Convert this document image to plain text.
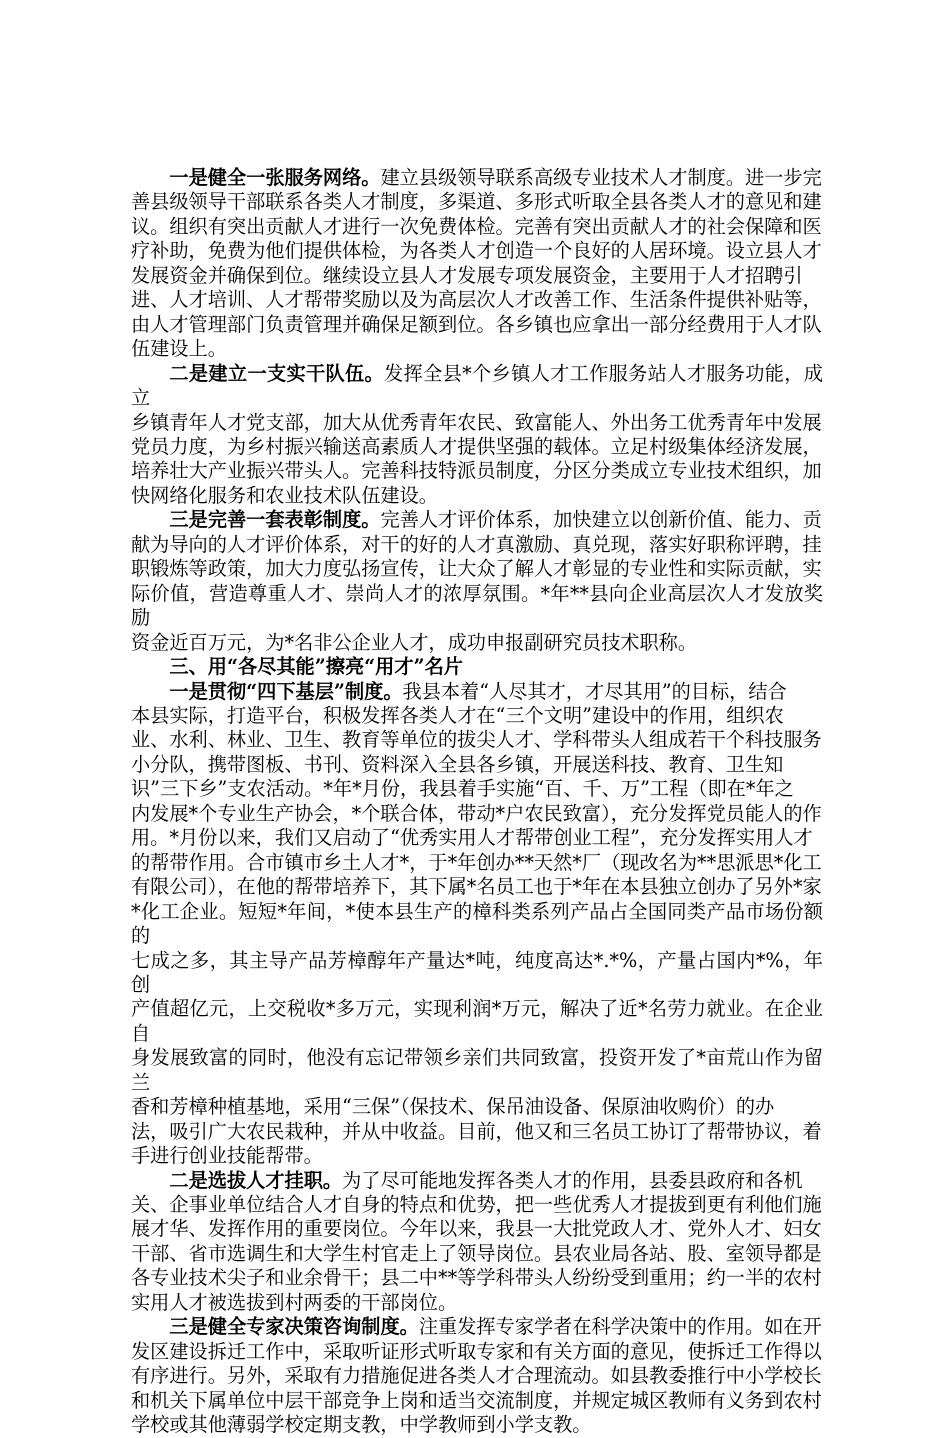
一是健全一张服务网络。建立县级领导联系高级专业技术人才制度。进一步完
善县级领导干部联系各类人才制度，多渠道、多形式听取全县各类人才的意见和建
议。组织有突出贡献人才进行一次免费体检。完善有突出贡献人才的社会保障和医
疗补助，免费为他们提供体检，为各类人才创造一个良好的人居环境。设立县人才
发展资金并确保到位。继续设立县人才发展专项发展资金，主要用于人才招聘引
进、人才培训、人才帮带奖励以及为高层次人才改善工作、生活条件提供补贴等，
由人才管理部门负责管理并确保足额到位。各乡镇也应拿出一部分经费用于人才队
伍建设上。

二是建立一支实干队伍。发挥全县*个乡镇人才工作服务站人才服务功能，成立
乡镇青年人才党支部，加大从优秀青年农民、致富能人、外出务工优秀青年中发展
党员力度，为乡村振兴输送高素质人才提供坚强的载体。立足村级集体经济发展，
培养壮大产业振兴带头人。完善科技特派员制度，分区分类成立专业技术组织，加
快网络化服务和农业技术队伍建设。

三是完善一套表彰制度。完善人才评价体系，加快建立以创新价值、能力、贡
献为导向的人才评价体系，对干的好的人才真激励、真兑现，落实好职称评聘，挂
职锻炼等政策，加大力度弘扬宣传，让大众了解人才彰显的专业性和实际贡献，实
际价值，营造尊重人才、崇尚人才的浓厚氛围。*年**县向企业高层次人才发放奖励
资金近百万元，为*名非公企业人才，成功申报副研究员技术职称。

三、用“各尽其能”擦亮“用才”名片

一是贯彻“四下基层”制度。我县本着“人尽其才，才尽其用”的目标，结合
本县实际，打造平台，积极发挥各类人才在“三个文明”建设中的作用，组织农
业、水利、林业、卫生、教育等单位的拔尖人才、学科带头人组成若干个科技服务
小分队，携带图板、书刊、资料深入全县各乡镇，开展送科技、教育、卫生知
识”三下乡”支农活动。*年*月份，我县着手实施“百、千、万”工程（即在*年之
内发展*个专业生产协会，*个联合体，带动*户农民致富），充分发挥党员能人的作
用。*月份以来，我们又启动了“优秀实用人才帮带创业工程”，充分发挥实用人才
的帮带作用。合市镇市乡土人才*，于*年创办**天然*厂（现改名为**思派思*化工
有限公司），在他的帮带培养下，其下属*名员工也于*年在本县独立创办了另外*家
*化工企业。短短*年间，*使本县生产的樟科类系列产品占全国同类产品市场份额的
七成之多，其主导产品芳樟醇年产量达*吨，纯度高达*.*%，产量占国内*%，年创
产值超亿元，上交税收*多万元，实现利润*万元，解决了近*名劳力就业。在企业自
身发展致富的同时，他没有忘记带领乡亲们共同致富，投资开发了*亩荒山作为留兰
香和芳樟种植基地，采用“三保”（保技术、保吊油设备、保原油收购价）的办
法，吸引广大农民栽种，并从中收益。目前，他又和三名员工协订了帮带协议，着
手进行创业技能帮带。

二是选拔人才挂职。为了尽可能地发挥各类人才的作用，县委县政府和各机
关、企事业单位结合人才自身的特点和优势，把一些优秀人才提拔到更有利他们施
展才华、发挥作用的重要岗位。今年以来，我县一大批党政人才、党外人才、妇女
干部、省市选调生和大学生村官走上了领导岗位。县农业局各站、股、室领导都是
各专业技术尖子和业余骨干；县二中**等学科带头人纷纷受到重用；约一半的农村
实用人才被选拔到村两委的干部岗位。

三是健全专家决策咨询制度。注重发挥专家学者在科学决策中的作用。如在开
发区建设拆迁工作中，采取听证形式听取专家和有关方面的意见，使拆迁工作得以
有序进行。另外，采取有力措施促进各类人才合理流动。如县教委推行中小学校长
和机关下属单位中层干部竞争上岗和适当交流制度，并规定城区教师有义务到农村
学校或其他薄弱学校定期支教，中学教师到小学支教。
